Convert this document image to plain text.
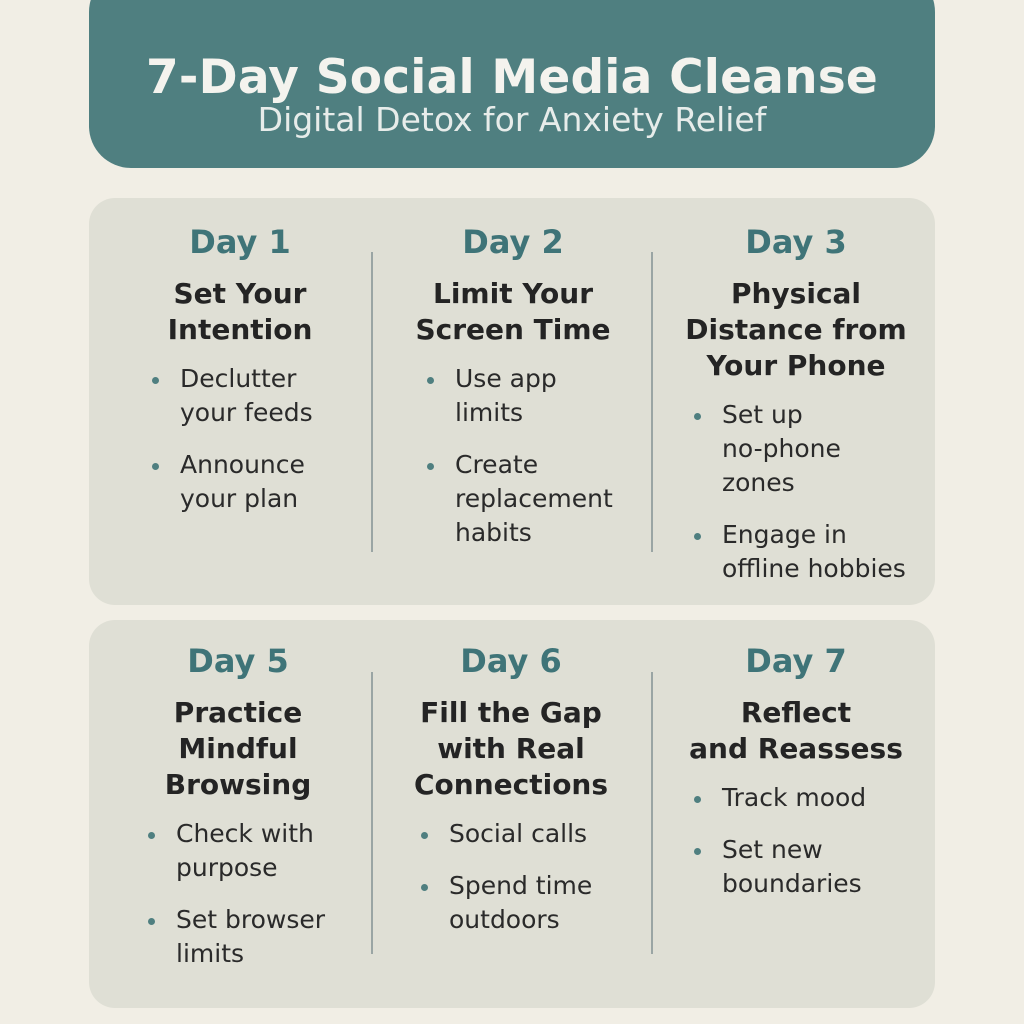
7-Day Social Media Cleanse
Digital Detox for Anxiety Relief
Day 1
Set Your
Intention
Declutter
your feeds
Announce
your plan
Day 2
Limit Your
Screen Time
Use app
limits
Create
replacement
habits
Day 3
Physical
Distance from
Your Phone
Set up
no-phone
zones
Engage in
offline hobbies
Day 5
Practice
Mindful
Browsing
Check with
purpose
Set browser
limits
Day 6
Fill the Gap
with Real
Connections
Social calls
Spend time
outdoors
Day 7
Reflect
and Reassess
Track mood
Set new
boundaries
